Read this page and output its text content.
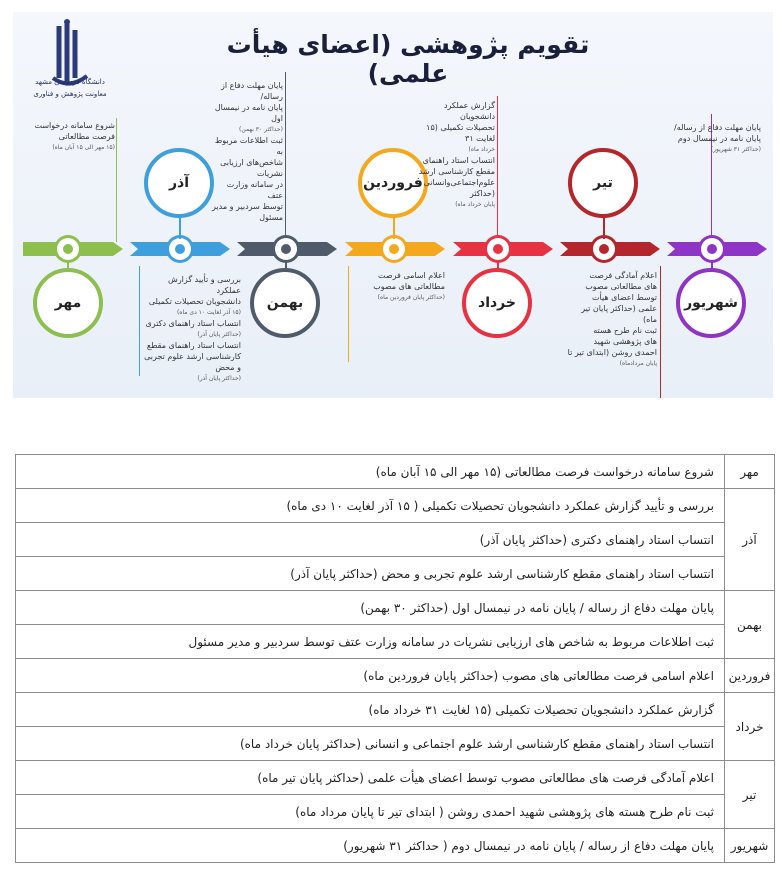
تقویم پژوهشی (اعضای هیأت علمی)
دانشگاه فردوسی مشهد
معاونت پژوهش و فناوری
مهر
آذر
بهمن
فروردین
خرداد
تیر
شهریور
شروع سامانه درخواست
فرصت مطالعاتی
(۱۵ مهر الی ۱۵ آبان ماه)
بررسی و تأیید گزارش عملکرد
دانشجویان تحصیلات تکمیلی
(۱۵ آذر لغایت ۱۰ دی ماه)
انتساب استاد راهنمای دکتری
(حداکثر پایان آذر)
انتساب استاد راهنمای مقطع
کارشناسی ارشد علوم تجربی
و محض
(حداکثر پایان آذر)
پایان مهلت دفاع از رساله/
پایان نامه در نیمسال اول
(حداکثر ۳۰ بهمن)
ثبت اطلاعات مربوط به
شاخص‌های ارزیابی نشریات
در سامانه وزارت عتف
توسط سردبیر و مدیر
مسئول
اعلام اسامی فرصت
مطالعاتی های مصوب
(حداکثر پایان فروردین ماه)
گزارش عملکرد دانشجویان
تحصیلات تکمیلی (۱۵ لغایت ۳۱
خرداد ماه)
انتساب استاد راهنمای
مقطع کارشناسی ارشد
علوم‌اجتماعی‌وانسانی (حداکثر
پایان خرداد ماه)
اعلام آمادگی فرصت
های مطالعاتی مصوب
توسط اعضای هیأت
علمی (حداکثر پایان تیر ماه)
ثبت نام طرح هسته
های پژوهشی شهید
احمدی روشن (ابتدای تیر تا
پایان مردادماه)
پایان مهلت دفاع از رساله/
پایان نامه در نیمسال دوم
(حداکثر ۳۱ شهریور)
مهر	شروع سامانه درخواست فرصت مطالعاتی (۱۵ مهر الی ۱۵ آبان ماه)
آذر	بررسی و تأیید گزارش عملکرد دانشجویان تحصیلات تکمیلی ( ۱۵ آذر لغایت ۱۰ دی ماه)
	انتساب استاد راهنمای دکتری (حداکثر پایان آذر)
	انتساب استاد راهنمای مقطع کارشناسی ارشد علوم تجربی و محض (حداکثر پایان آذر)
بهمن	پایان مهلت دفاع از رساله / پایان نامه در نیمسال اول (حداکثر ۳۰ بهمن)
	ثبت اطلاعات مربوط به شاخص های ارزیابی نشریات در سامانه وزارت عتف توسط سردبیر و مدیر مسئول
فروردین	اعلام اسامی فرصت مطالعاتی های مصوب (حداکثر پایان فروردین ماه)
خرداد	گزارش عملکرد دانشجویان تحصیلات تکمیلی (۱۵ لغایت ۳۱ خرداد ماه)
	انتساب استاد راهنمای مقطع کارشناسی ارشد علوم اجتماعی و انسانی (حداکثر پایان خرداد ماه)
تیر	اعلام آمادگی فرصت های مطالعاتی مصوب توسط اعضای هیأت علمی (حداکثر پایان تیر ماه)
	ثبت نام طرح هسته های پژوهشی شهید احمدی روشن ( ابتدای تیر تا پایان مرداد ماه)
شهریور	پایان مهلت دفاع از رساله / پایان نامه در نیمسال دوم ( حداکثر ۳۱ شهریور)
